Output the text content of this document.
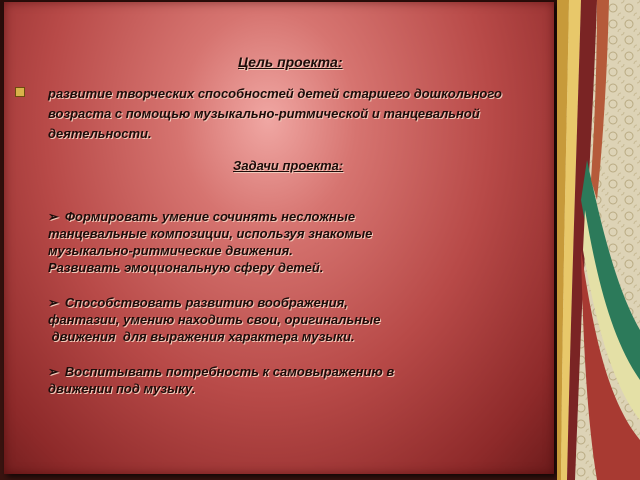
Цель проекта:
развитие творческих способностей детей старшего дошкольного возраста с помощью музыкально-ритмической и танцевальной деятельности.
Задачи проекта:
➢ Формировать умение сочинять несложные
танцевальные композиции, используя знакомые
музыкально-ритмические движения.
Развивать эмоциональную сферу детей.
➢ Способствовать развитию воображения,
фантазии, умению находить свои, оригинальные
движения  для выражения характера музыки.
➢ Воспитывать потребность к самовыражению в
движении под музыку.
